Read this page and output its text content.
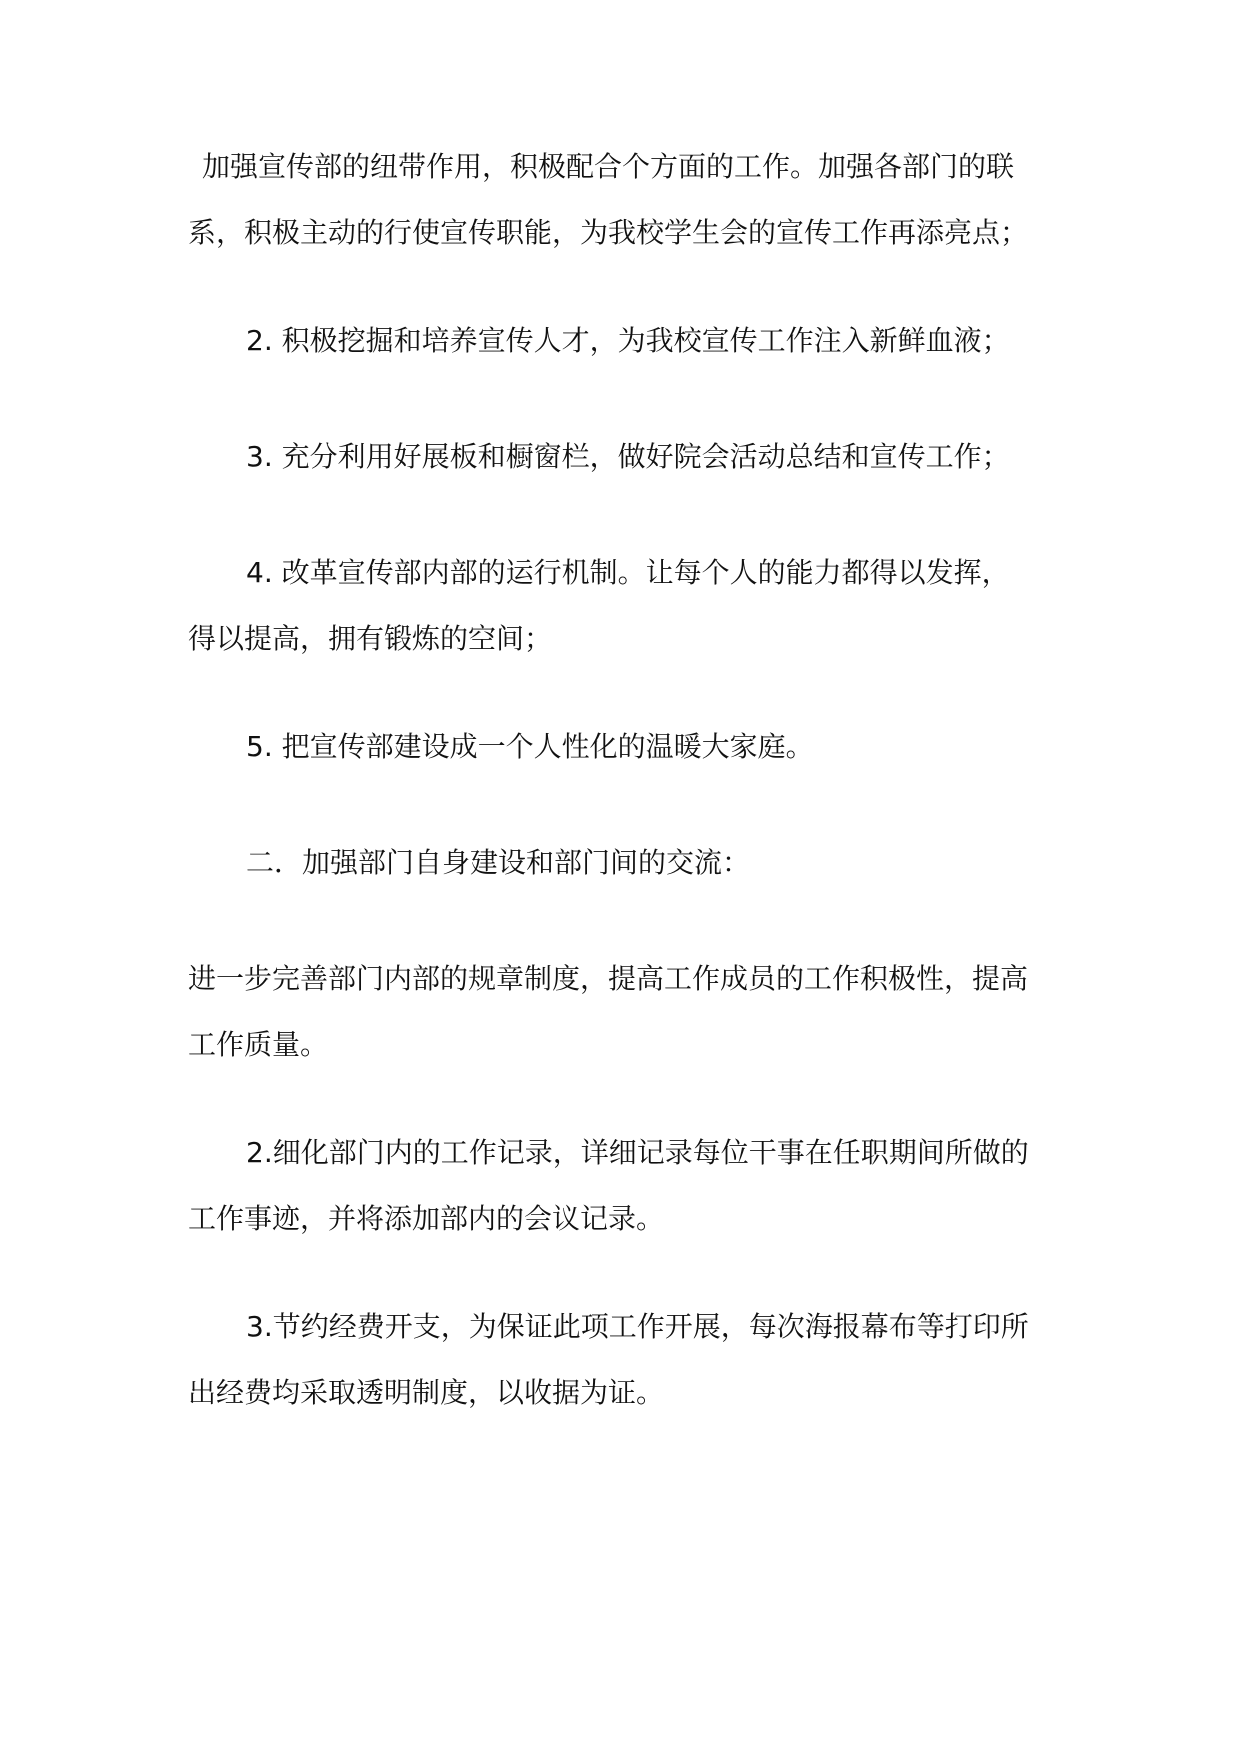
加强宣传部的纽带作用，积极配合个方面的工作。加强各部门的联
系，积极主动的行使宣传职能，为我校学生会的宣传工作再添亮点；
2. 积极挖掘和培养宣传人才，为我校宣传工作注入新鲜血液；
3. 充分利用好展板和橱窗栏，做好院会活动总结和宣传工作；
4. 改革宣传部内部的运行机制。让每个人的能力都得以发挥，
得以提高，拥有锻炼的空间；
5. 把宣传部建设成一个人性化的温暖大家庭。
二．加强部门自身建设和部门间的交流：
进一步完善部门内部的规章制度，提高工作成员的工作积极性，提高
工作质量。
2.细化部门内的工作记录，详细记录每位干事在任职期间所做的
工作事迹，并将添加部内的会议记录。
3.节约经费开支，为保证此项工作开展，每次海报幕布等打印所
出经费均采取透明制度，以收据为证。
